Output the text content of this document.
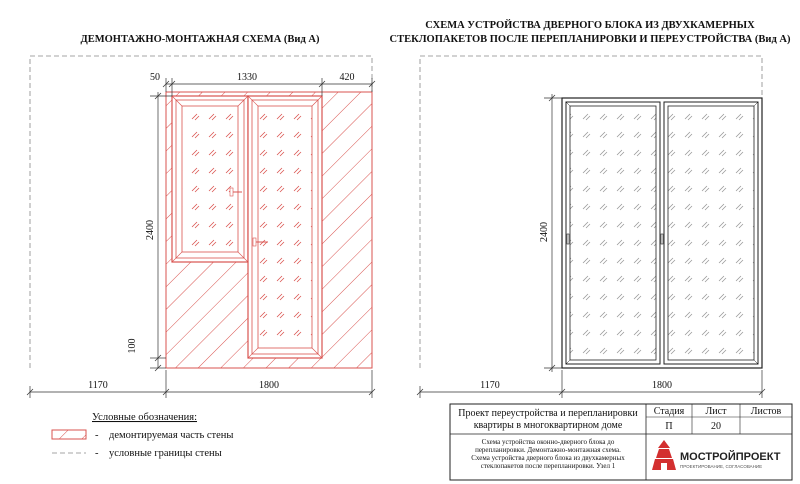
ДЕМОНТАЖНО-МОНТАЖНАЯ СХЕМА (Вид А)
50	1330	420
2400
100
1170	1800
СХЕМА УСТРОЙСТВА ДВЕРНОГО БЛОКА ИЗ ДВУХКАМЕРНЫХ
СТЕКЛОПАКЕТОВ ПОСЛЕ ПЕРЕПЛАНИРОВКИ И ПЕРЕУСТРОЙСТВА (Вид А)
2400
1170	1800
Условные обозначения:
- демонтируемая часть стены
- условные границы стены
Проект переустройства и перепланировки
квартиры в многоквартирном доме
Стадия Лист Листов
П	20
Схема устройства оконно-дверного блока до
перепланировки. Демонтажно-монтажная схема.
Схема устройства дверного блока из двухкамерных
стеклопакетов после перепланировки. Узел 1
МОСТРОЙПРОЕКТ
ПРОЕКТИРОВАНИЕ, СОГЛАСОВАНИЕ
